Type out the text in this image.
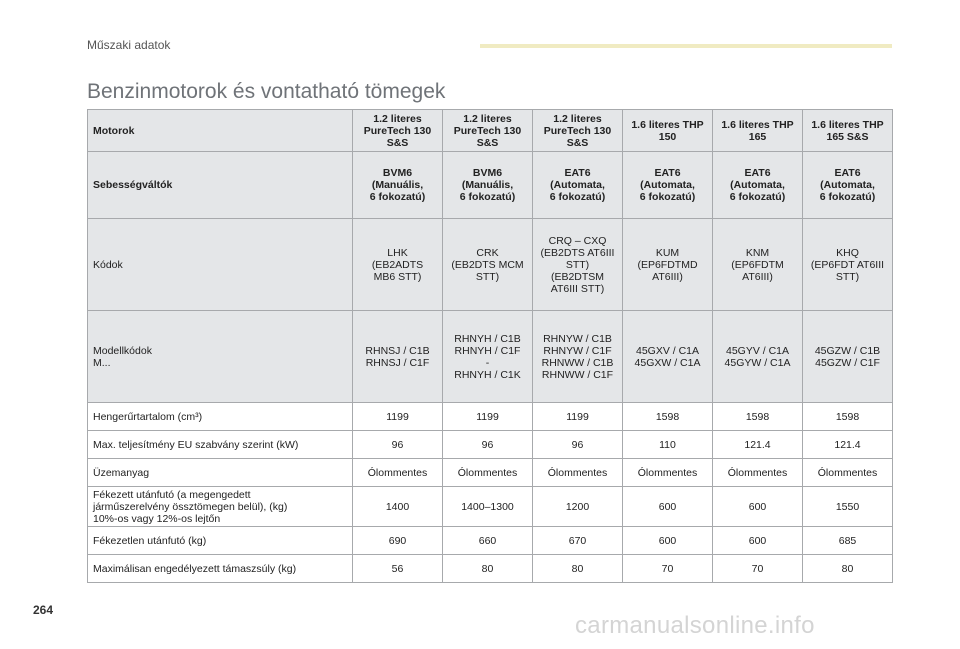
Műszaki adatok
Benzinmotorok és vontatható tömegek
Motorok	1.2 literes
PureTech 130
S&S	1.2 literes
PureTech 130
S&S	1.2 literes
PureTech 130
S&S	1.6 literes THP
150	1.6 literes THP
165	1.6 literes THP
165 S&S

Sebességváltók	BVM6
(Manuális,
6 fokozatú)	BVM6
(Manuális,
6 fokozatú)	EAT6
(Automata,
6 fokozatú)	EAT6
(Automata,
6 fokozatú)	EAT6
(Automata,
6 fokozatú)	EAT6
(Automata,
6 fokozatú)

Kódok	LHK
(EB2ADTS
MB6 STT)	CRK
(EB2DTS MCM
STT)	CRQ – CXQ
(EB2DTS AT6III
STT)
(EB2DTSM
AT6III STT)	KUM
(EP6FDTMD
AT6III)	KNM
(EP6FDTM
AT6III)	KHQ
(EP6FDT AT6III
STT)

Modellkódok
M...	RHNSJ / C1B
RHNSJ / C1F	RHNYH / C1B
RHNYH / C1F
-
RHNYH / C1K	RHNYW / C1B
RHNYW / C1F
RHNWW / C1B
RHNWW / C1F	45GXV / C1A
45GXW / C1A	45GYV / C1A
45GYW / C1A	45GZW / C1B
45GZW / C1F

Hengerűrtartalom (cm³)	1199	1199	1199	1598	1598	1598
Max. teljesítmény EU szabvány szerint (kW)	96	96	96	110	121.4	121.4
Üzemanyag	Ólommentes	Ólommentes	Ólommentes	Ólommentes	Ólommentes	Ólommentes

Fékezett utánfutó (a megengedett
járműszerelvény össztömegen belül), (kg)
10%-os vagy 12%-os lejtőn	1400	1400–1300	1200	600	600	1550
Fékezetlen utánfutó (kg)	690	660	670	600	600	685
Maximálisan engedélyezett támaszsúly (kg)	56	80	80	70	70	80
264
carmanualsonline.info
